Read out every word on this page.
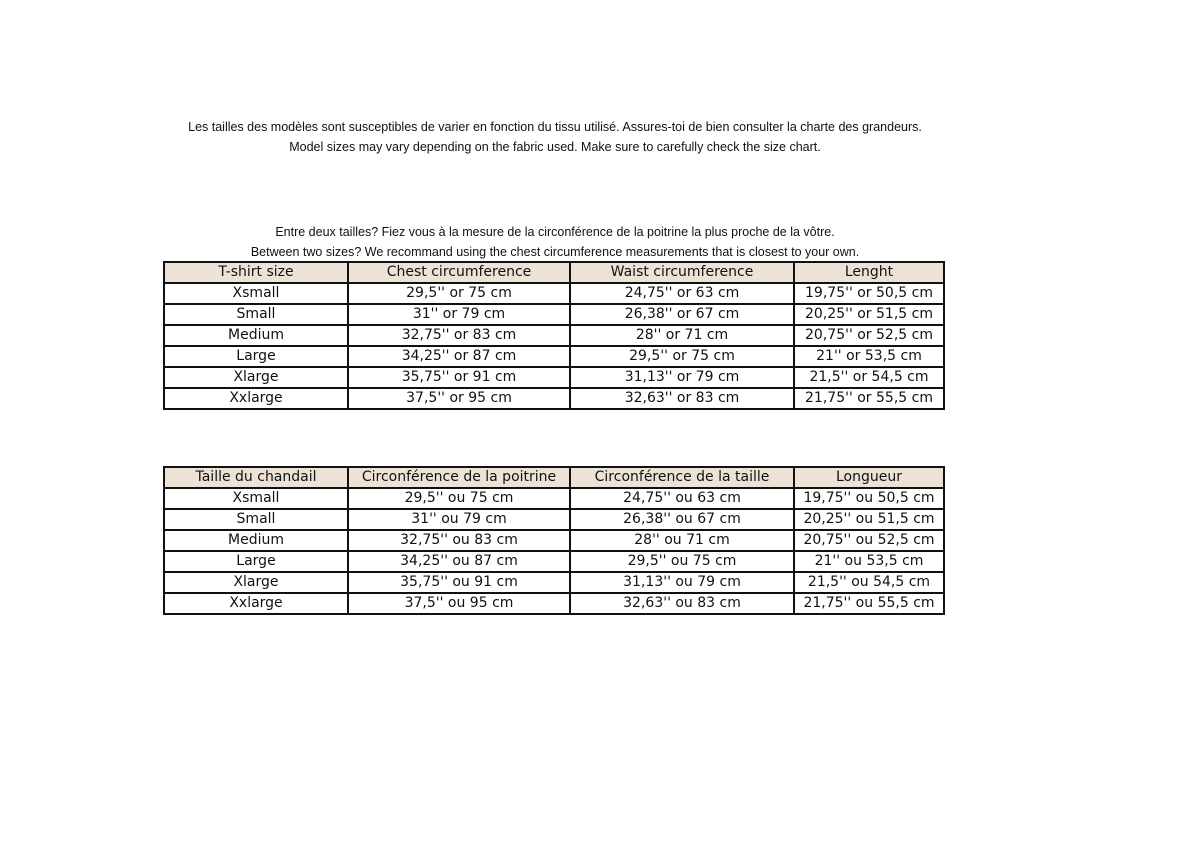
Les tailles des modèles sont susceptibles de varier en fonction du tissu utilisé. Assures-toi de bien consulter la charte des grandeurs.
Model sizes may vary depending on the fabric used. Make sure to carefully check the size chart.
Entre deux tailles? Fiez vous à la mesure de la circonférence de la poitrine la plus proche de la vôtre.
Between two sizes? We recommand using the chest circumference measurements that is closest to your own.
T-shirt size	Chest circumference	Waist circumference	Lenght
Xsmall	29,5'' or 75 cm	24,75'' or 63 cm	19,75'' or 50,5 cm
Small	31'' or 79 cm	26,38'' or 67 cm	20,25'' or 51,5 cm
Medium	32,75'' or 83 cm	28'' or 71 cm	20,75'' or 52,5 cm
Large	34,25'' or 87 cm	29,5'' or 75 cm	21'' or 53,5 cm
Xlarge	35,75'' or 91 cm	31,13'' or 79 cm	21,5'' or 54,5 cm
Xxlarge	37,5'' or 95 cm	32,63'' or 83 cm	21,75'' or 55,5 cm
Taille du chandail	Circonférence de la poitrine	Circonférence de la taille	Longueur
Xsmall	29,5'' ou 75 cm	24,75'' ou 63 cm	19,75'' ou 50,5 cm
Small	31'' ou 79 cm	26,38'' ou 67 cm	20,25'' ou 51,5 cm
Medium	32,75'' ou 83 cm	28'' ou 71 cm	20,75'' ou 52,5 cm
Large	34,25'' ou 87 cm	29,5'' ou 75 cm	21'' ou 53,5 cm
Xlarge	35,75'' ou 91 cm	31,13'' ou 79 cm	21,5'' ou 54,5 cm
Xxlarge	37,5'' ou 95 cm	32,63'' ou 83 cm	21,75'' ou 55,5 cm
